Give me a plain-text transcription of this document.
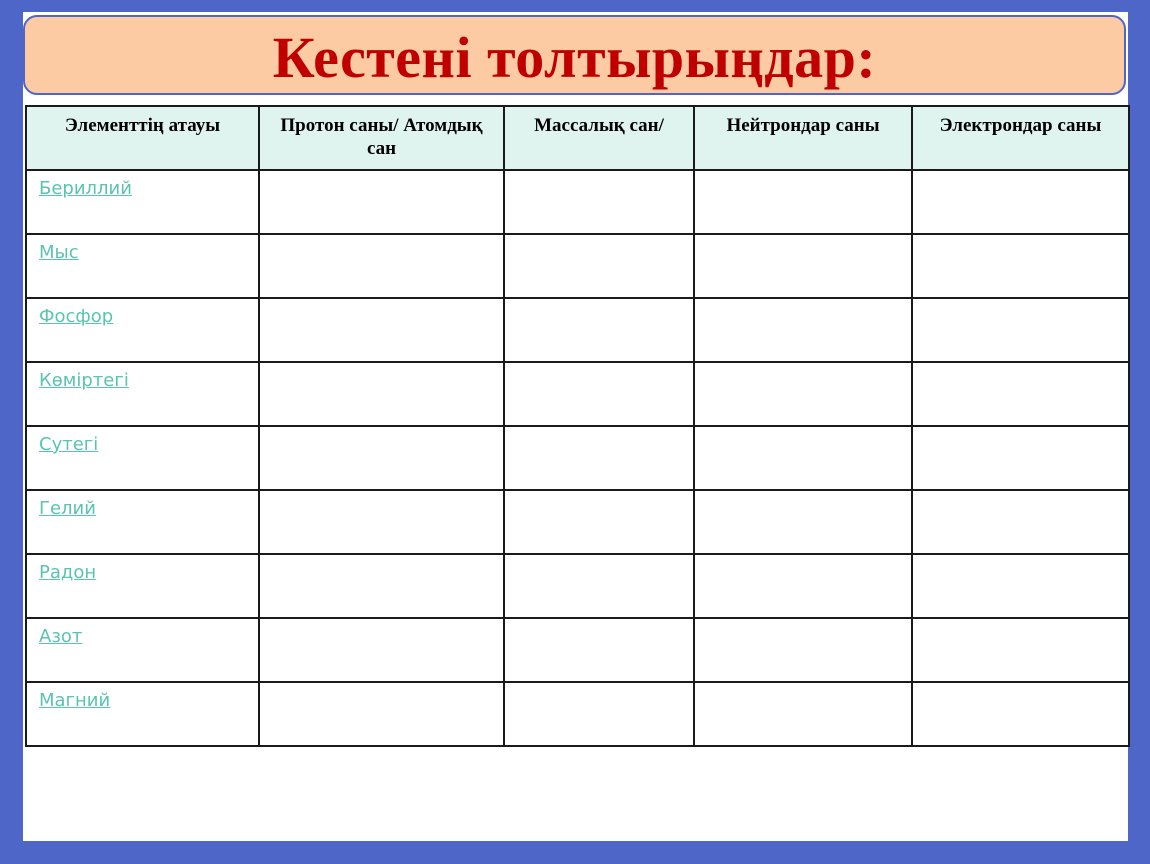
Кестені толтырыңдар:
Элементтің атауы	Протон саны/ Атомдық сан	Массалық сан/	Нейтрондар саны	Электрондар саны
Бериллий				
Мыс				
Фосфор				
Көміртегі				
Сутегі				
Гелий				
Радон				
Азот				
Магний				
